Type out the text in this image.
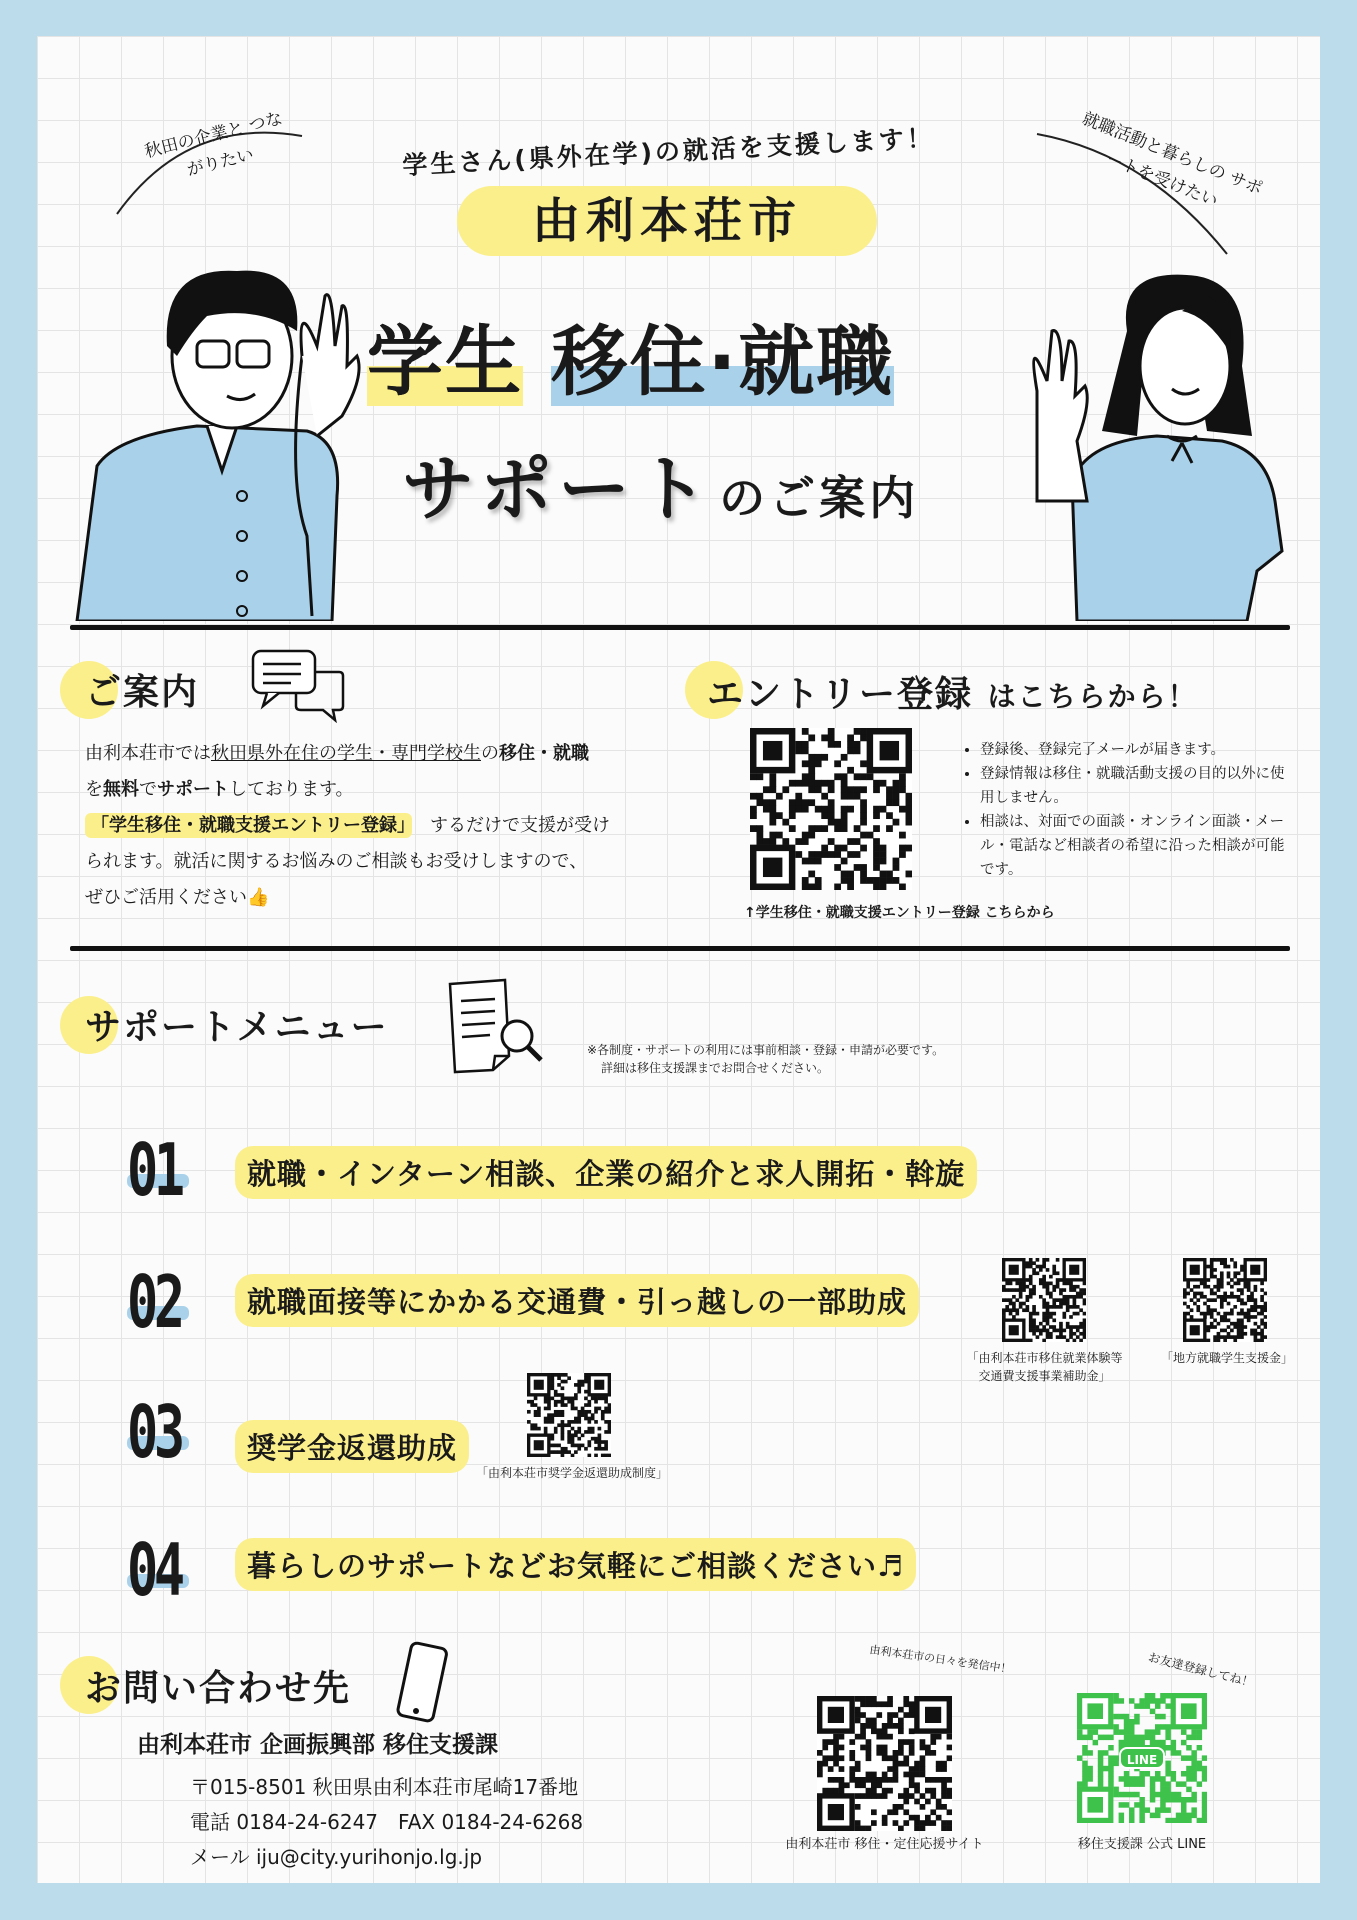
秋田の企業と つながりたい	就職活動と暮らしの サポートを受けたい
学生さん(県外在学)の就活を支援します！
由利本荘市
学生 移住·就職
サポート のご案内
ご案内
由利本荘市では秋田県外在住の学生・専門学校生の移住・就職
を無料でサポートしております。
「学生移住・就職支援エントリー登録」　 するだけで支援が受け
られます。就活に関するお悩みのご相談もお受けしますので、
ぜひご活用ください👍
エントリー登録 はこちらから！
↑学生移住・就職支援エントリー登録 こちらから
• 登録後、登録完了メールが届きます。
• 登録情報は移住・就職活動支援の目的以外に使用しません。
• 相談は、対面での面談・オンライン面談・メール・電話など相談者の希望に沿った相談が可能です。
サポートメニュー
※各制度・サポートの利用には事前相談・登録・申請が必要です。
詳細は移住支援課までお問合せください。
01	就職・インターン相談、企業の紹介と求人開拓・斡旋
02	就職面接等にかかる交通費・引っ越しの一部助成
「由利本荘市移住就業体験等
交通費支援事業補助金」
「地方就職学生支援金」
03	奨学金返還助成
「由利本荘市奨学金返還助成制度」
04	暮らしのサポートなどお気軽にご相談ください♬
お問い合わせ先
由利本荘市 企画振興部 移住支援課
〒015-8501 秋田県由利本荘市尾崎17番地
電話 0184-24-6247　FAX 0184-24-6268
メール iju@city.yurihonjo.lg.jp
由利本荘市の日々を発信中！
由利本荘市 移住・定住応援サイト
お友達登録してね！
LINE
移住支援課 公式 LINE
